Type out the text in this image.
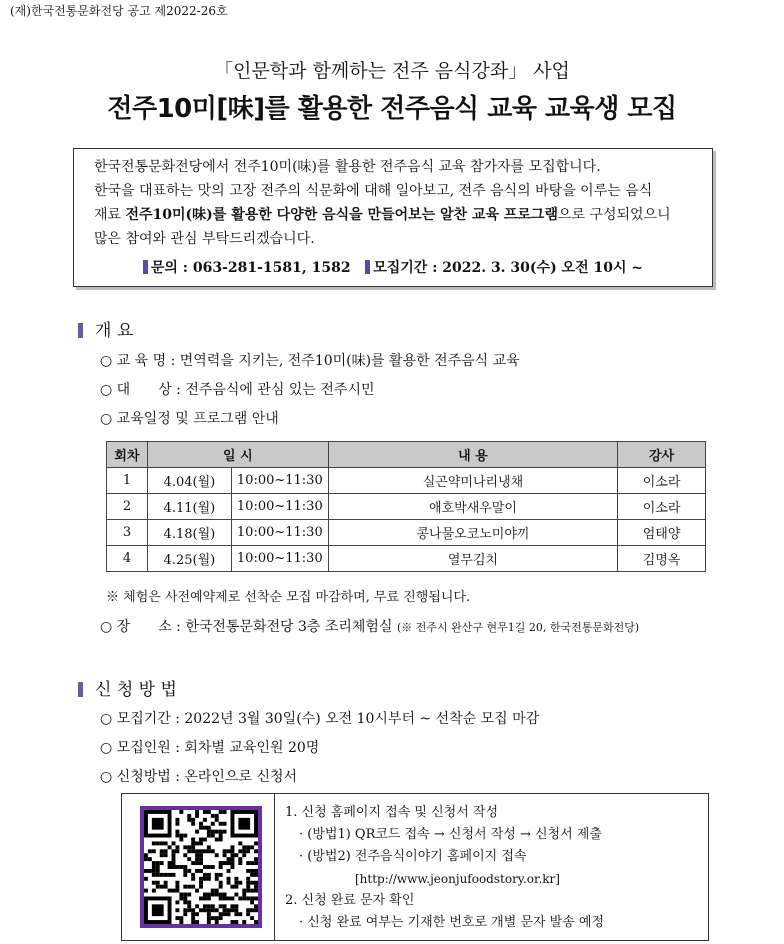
(재)한국전통문화전당 공고 제2022-26호
「인문학과 함께하는 전주 음식강좌」 사업
전주10미[味]를 활용한 전주음식 교육 교육생 모집

한국전통문화전당에서 전주10미(味)를 활용한 전주음식 교육 참가자를 모집합니다.

한국을 대표하는 맛의 고장 전주의 식문화에 대해 일아보고, 전주 음식의 바탕을 이루는 음식

재료 전주10미(味)를 활용한 다양한 음식을 만들어보는 알찬 교육 프로그램으로 구성되었으니

많은 참여와 관심 부탁드리겠습니다.

문의 : 063-281-1581, 1582 모집기간 : 2022. 3. 30(수) 오전 10시 ~
개 요
○ 교 육 명 : 면역력을 지키는, 전주10미(味)를 활용한 전주음식 교육
○ 대　　상 : 전주음식에 관심 있는 전주시민
○ 교육일정 및 프로그램 안내
회차	일 시		내 용	강사
1	4.04(월)	10:00~11:30	실곤약미나리냉채	이소라
2	4.11(월)	10:00~11:30	애호박새우말이	이소라
3	4.18(월)	10:00~11:30	콩나물오코노미야끼	엄태양
4	4.25(월)	10:00~11:30	열무김치	김명옥
※ 체험은 사전예약제로 선착순 모집 마감하며, 무료 진행됩니다.
○ 장　　소 : 한국전통문화전당 3층 조리체험실 (※ 전주시 완산구 현무1길 20, 한국전통문화전당)
신 청 방 법
○ 모집기간 : 2022년 3월 30일(수) 오전 10시부터 ~ 선착순 모집 마감
○ 모집인원 : 회차별 교육인원 20명
○ 신청방법 : 온라인으로 신청서
1. 신청 홈페이지 접속 및 신청서 작성
· (방법1) QR코드 접속 → 신청서 작성 → 신청서 제출
· (방법2) 전주음식이야기 홈페이지 접속
[http://www.jeonjufoodstory.or.kr]
2. 신청 완료 문자 확인
· 신청 완료 여부는 기재한 번호로 개별 문자 발송 예정
